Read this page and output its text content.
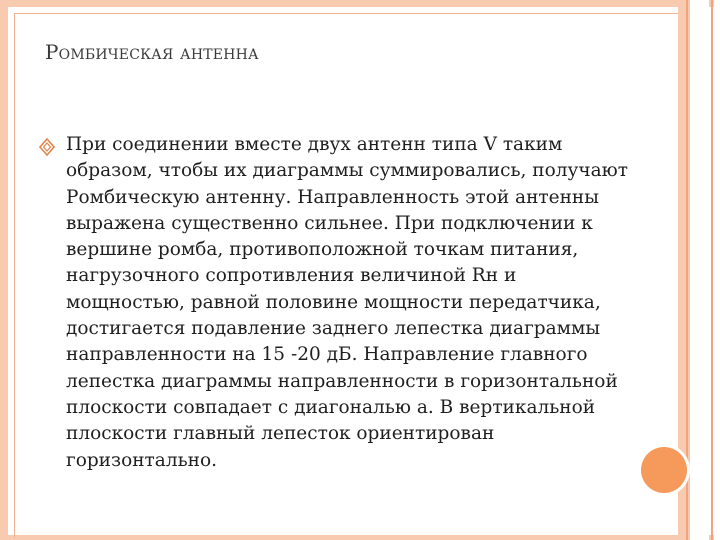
Ромбическая антенна

При соединении вместе двух антенн типа V таким образом, чтобы их диаграммы суммировались, получают Ромбическую антенну. Направленность этой антенны выражена существенно сильнее. При подключении к вершине ромба, противоположной точкам питания, нагрузочного сопротивления величиной Rн и мощностью, равной половине мощности передатчика, достигается подавление заднего лепестка диаграммы направленности на 15 -20 дБ. Направление главного лепестка диаграммы направленности в горизонтальной плоскости совпадает с диагональю а. В вертикальной плоскости главный лепесток ориентирован горизонтально.
